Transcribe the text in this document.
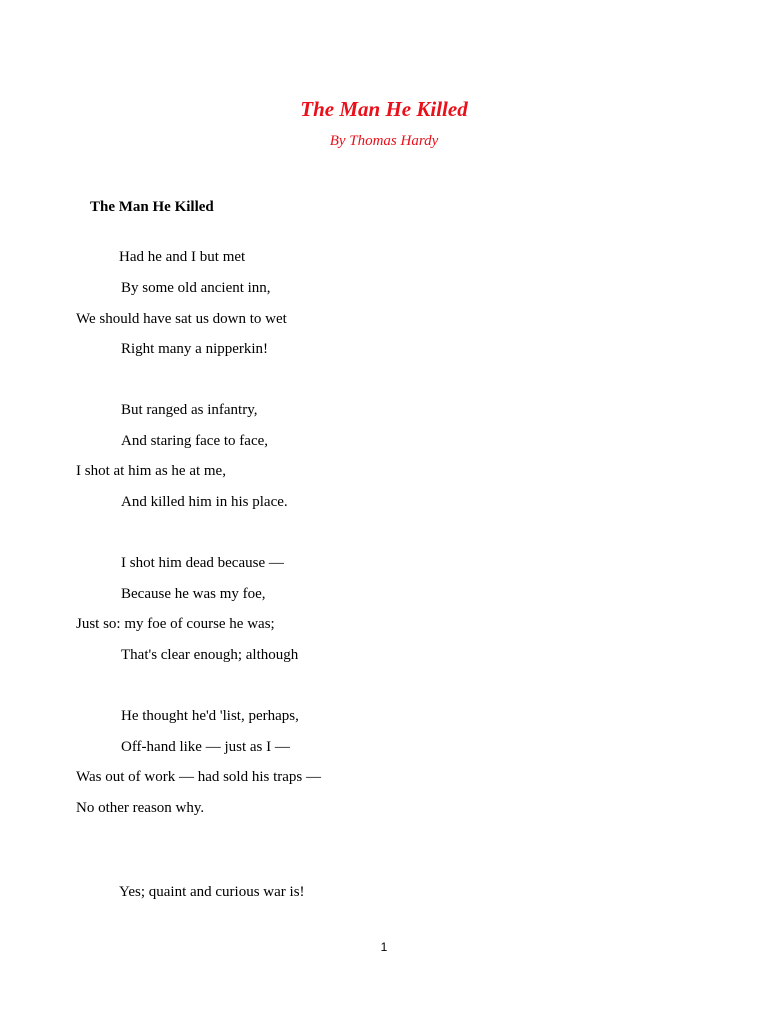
The Man He Killed
By Thomas Hardy
The Man He Killed
Had he and I but met
By some old ancient inn,
We should have sat us down to wet
Right many a nipperkin!
But ranged as infantry,
And staring face to face,
I shot at him as he at me,
And killed him in his place.
I shot him dead because —
Because he was my foe,
Just so: my foe of course he was;
That's clear enough; although
He thought he'd 'list, perhaps,
Off-hand like — just as I —
Was out of work — had sold his traps —
No other reason why.
Yes; quaint and curious war is!
1
